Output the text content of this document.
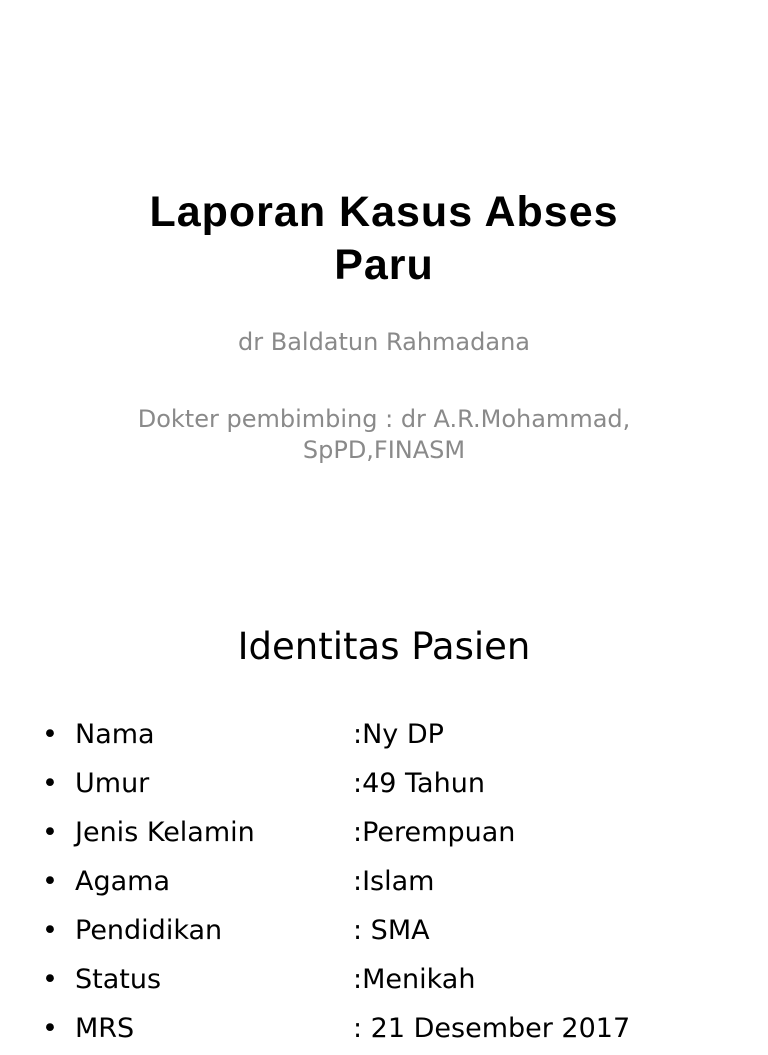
Laporan Kasus Abses
Paru
dr Baldatun Rahmadana
Dokter pembimbing : dr A.R.Mohammad,
SpPD,FINASM
Identitas Pasien
• Nama	:Ny DP
• Umur	:49 Tahun
• Jenis Kelamin	:Perempuan
• Agama	:Islam
• Pendidikan	: SMA
• Status	:Menikah
• MRS	: 21 Desember 2017
